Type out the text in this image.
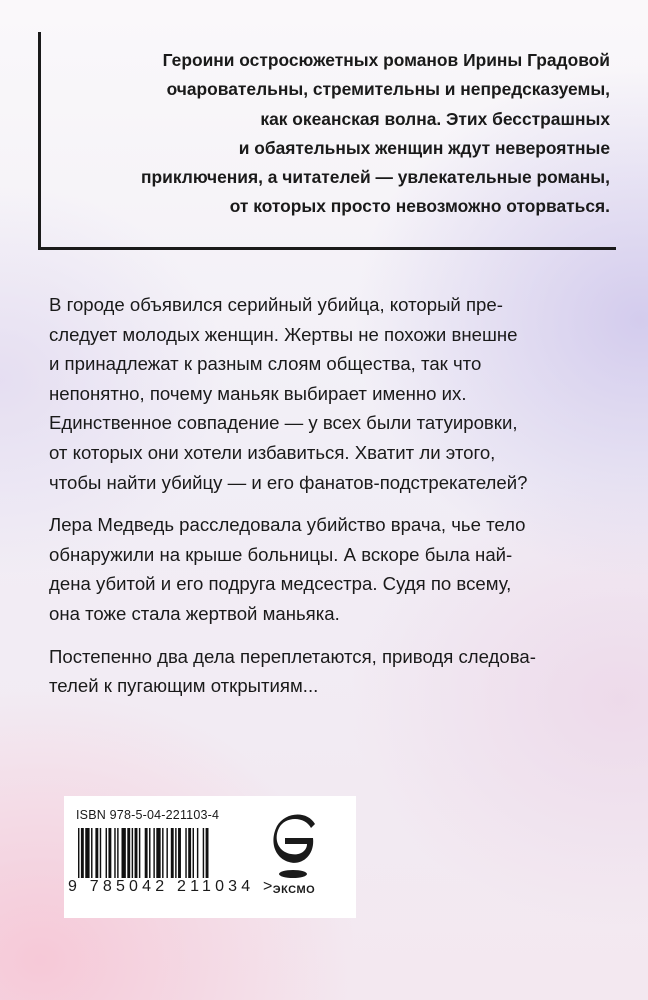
Героини остросюжетных романов Ирины Градовой
очаровательны, стремительны и непредсказуемы,
как океанская волна. Этих бесстрашных
и обаятельных женщин ждут невероятные
приключения, а читателей — увлекательные романы,
от которых просто невозможно оторваться.

В городе объявился серийный убийца, который пре-
следует молодых женщин. Жертвы не похожи внешне
и принадлежат к разным слоям общества, так что
непонятно, почему маньяк выбирает именно их.
Единственное совпадение — у всех были татуировки,
от которых они хотели избавиться. Хватит ли этого,
чтобы найти убийцу — и его фанатов-подстрекателей?

Лера Медведь расследовала убийство врача, чье тело
обнаружили на крыше больницы. А вскоре была най-
дена убитой и его подруга медсестра. Судя по всему,
она тоже стала жертвой маньяка.

Постепенно два дела переплетаются, приводя следова-
телей к пугающим открытиям...

ISBN 978-5-04-221103-4
9 785042 211034 >
ЭКСМО
